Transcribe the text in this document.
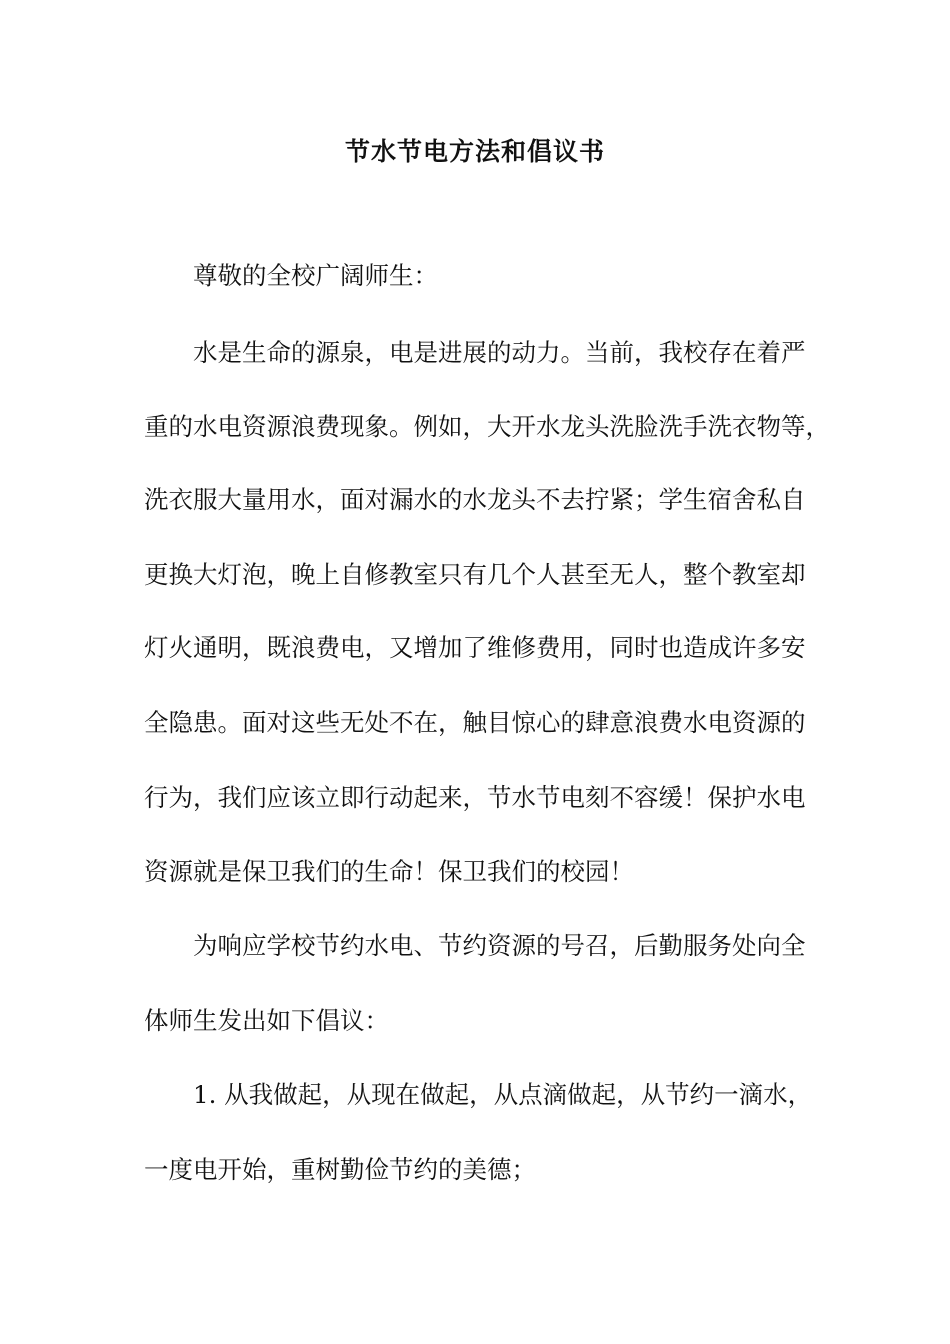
节水节电方法和倡议书
尊敬的全校广阔师生：
水是生命的源泉，电是进展的动力。当前，我校存在着严
重的水电资源浪费现象。例如，大开水龙头洗脸洗手洗衣物等，
洗衣服大量用水，面对漏水的水龙头不去拧紧；学生宿舍私自
更换大灯泡，晚上自修教室只有几个人甚至无人，整个教室却
灯火通明，既浪费电，又增加了维修费用，同时也造成许多安
全隐患。面对这些无处不在，触目惊心的肆意浪费水电资源的
行为，我们应该立即行动起来，节水节电刻不容缓！保护水电
资源就是保卫我们的生命！保卫我们的校园！
为响应学校节约水电、节约资源的号召，后勤服务处向全
体师生发出如下倡议：
1. 从我做起，从现在做起，从点滴做起，从节约一滴水，
一度电开始，重树勤俭节约的美德；
